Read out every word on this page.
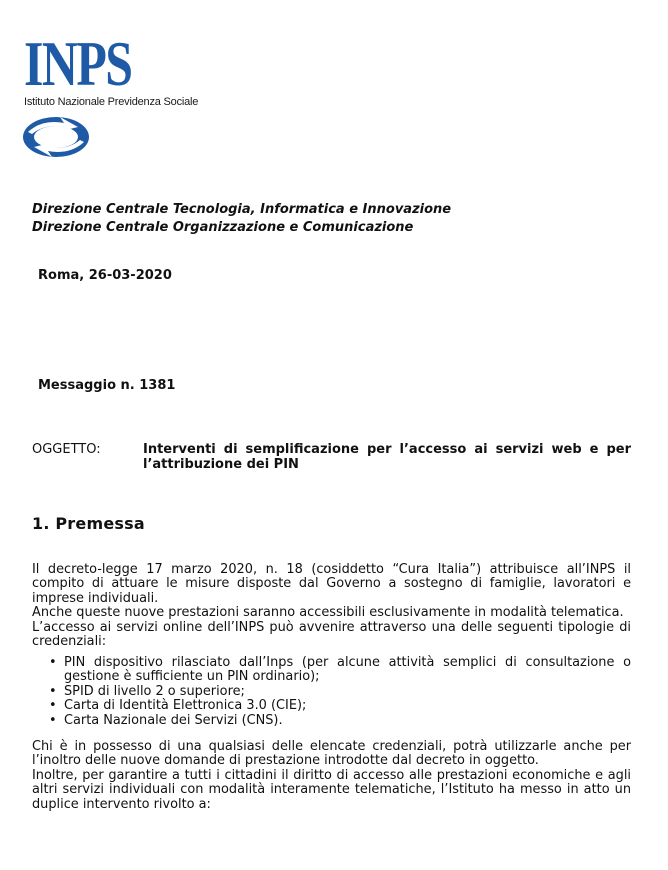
INPS
Istituto Nazionale Previdenza Sociale
Direzione Centrale Tecnologia, Informatica e Innovazione
Direzione Centrale Organizzazione e Comunicazione
Roma, 26-03-2020
Messaggio n. 1381
OGGETTO:	Interventi di semplificazione per l’accesso ai servizi web e per l’attribuzione dei PIN
1. Premessa

Il decreto-legge 17 marzo 2020, n. 18 (cosiddetto “Cura Italia”) attribuisce all’INPS il compito di attuare le misure disposte dal Governo a sostegno di famiglie, lavoratori e imprese individuali.

Anche queste nuove prestazioni saranno accessibili esclusivamente in modalità telematica.

L’accesso ai servizi online dell’INPS può avvenire attraverso una delle seguenti tipologie di credenziali:

• PIN dispositivo rilasciato dall’Inps (per alcune attività semplici di consultazione o gestione è sufficiente un PIN ordinario);
• SPID di livello 2 o superiore;
• Carta di Identità Elettronica 3.0 (CIE);
• Carta Nazionale dei Servizi (CNS).

Chi è in possesso di una qualsiasi delle elencate credenziali, potrà utilizzarle anche per l’inoltro delle nuove domande di prestazione introdotte dal decreto in oggetto.

Inoltre, per garantire a tutti i cittadini il diritto di accesso alle prestazioni economiche e agli altri servizi individuali con modalità interamente telematiche, l’Istituto ha messo in atto un duplice intervento rivolto a:
